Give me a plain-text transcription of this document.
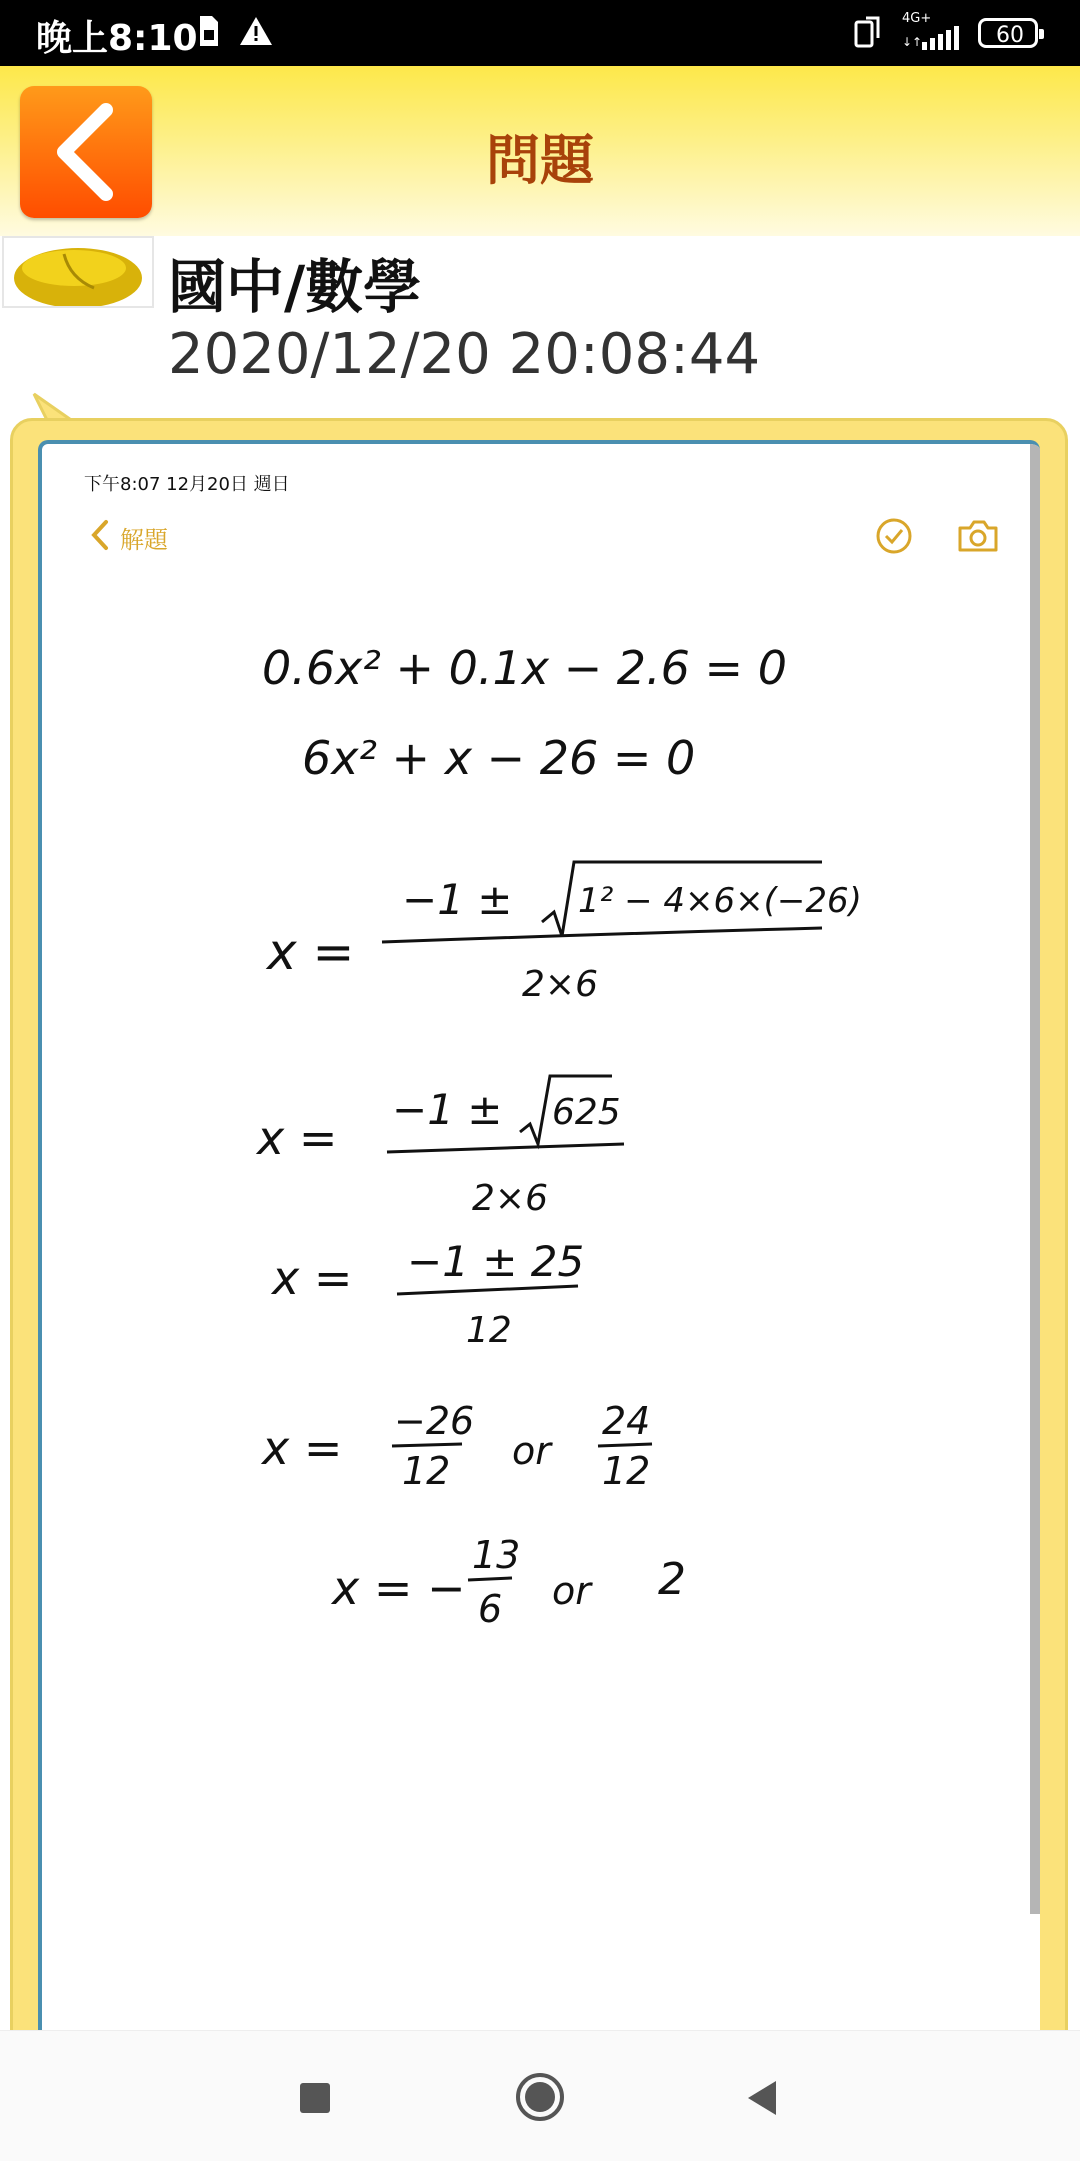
晚上8:10	4G+
↓↑	60
問題
國中/數學
2020/12/20 20:08:44
下午8:07 12月20日 週日
解題
0.6x² + 0.1x − 2.6 = 0
6x² + x − 26 = 0
x =
−1 ± 1² − 4×6×(−26)
2×6
x =
−1 ± 625
2×6
x = −1 ± 25
12
x = −26
12 or
24
12
x = −
13
6 or 2
